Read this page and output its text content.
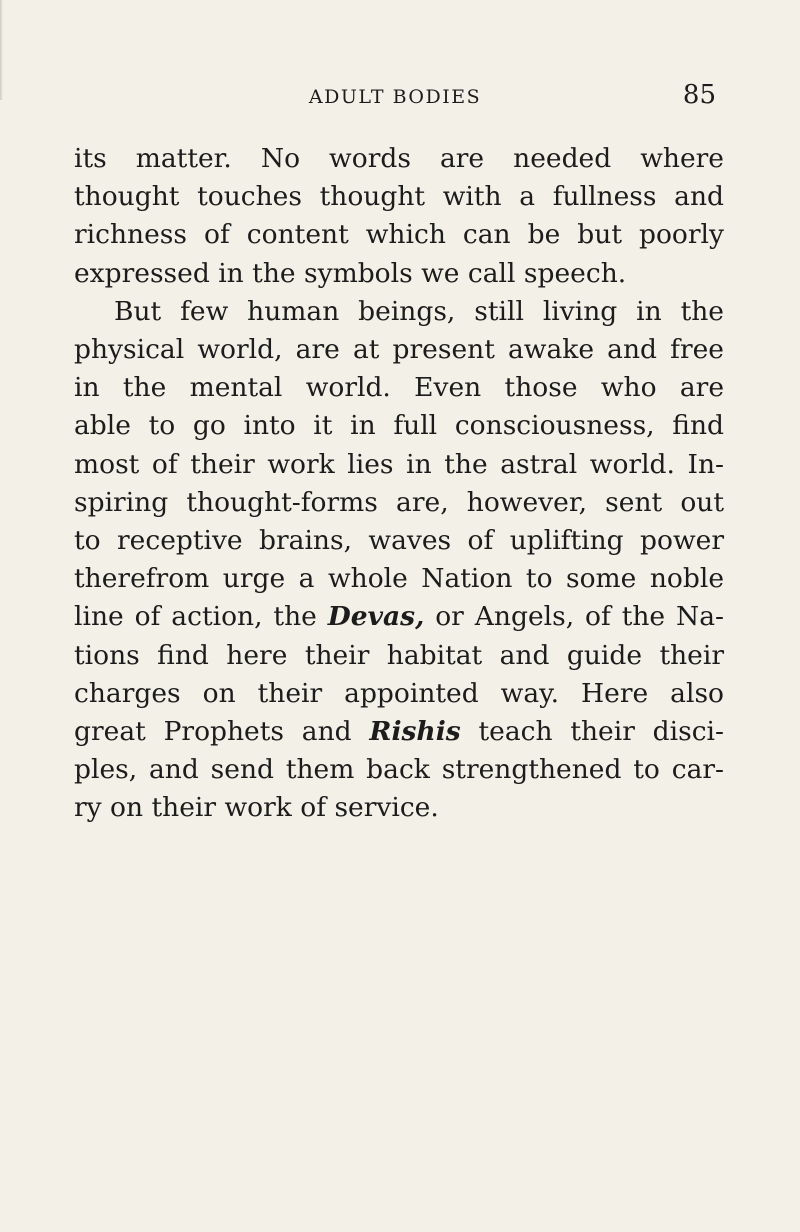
ADULT BODIES	85
its matter. No words are needed where
thought touches thought with a fullness and
richness of content which can be but poorly
expressed in the symbols we call speech.
But few human beings, still living in the
physical world, are at present awake and free
in the mental world. Even those who are
able to go into it in full consciousness, find
most of their work lies in the astral world. In-
spiring thought-forms are, however, sent out
to receptive brains, waves of uplifting power
therefrom urge a whole Nation to some noble
line of action, the Devas, or Angels, of the Na-
tions find here their habitat and guide their
charges on their appointed way. Here also
great Prophets and Rishis teach their disci-
ples, and send them back strengthened to car-
ry on their work of service.
